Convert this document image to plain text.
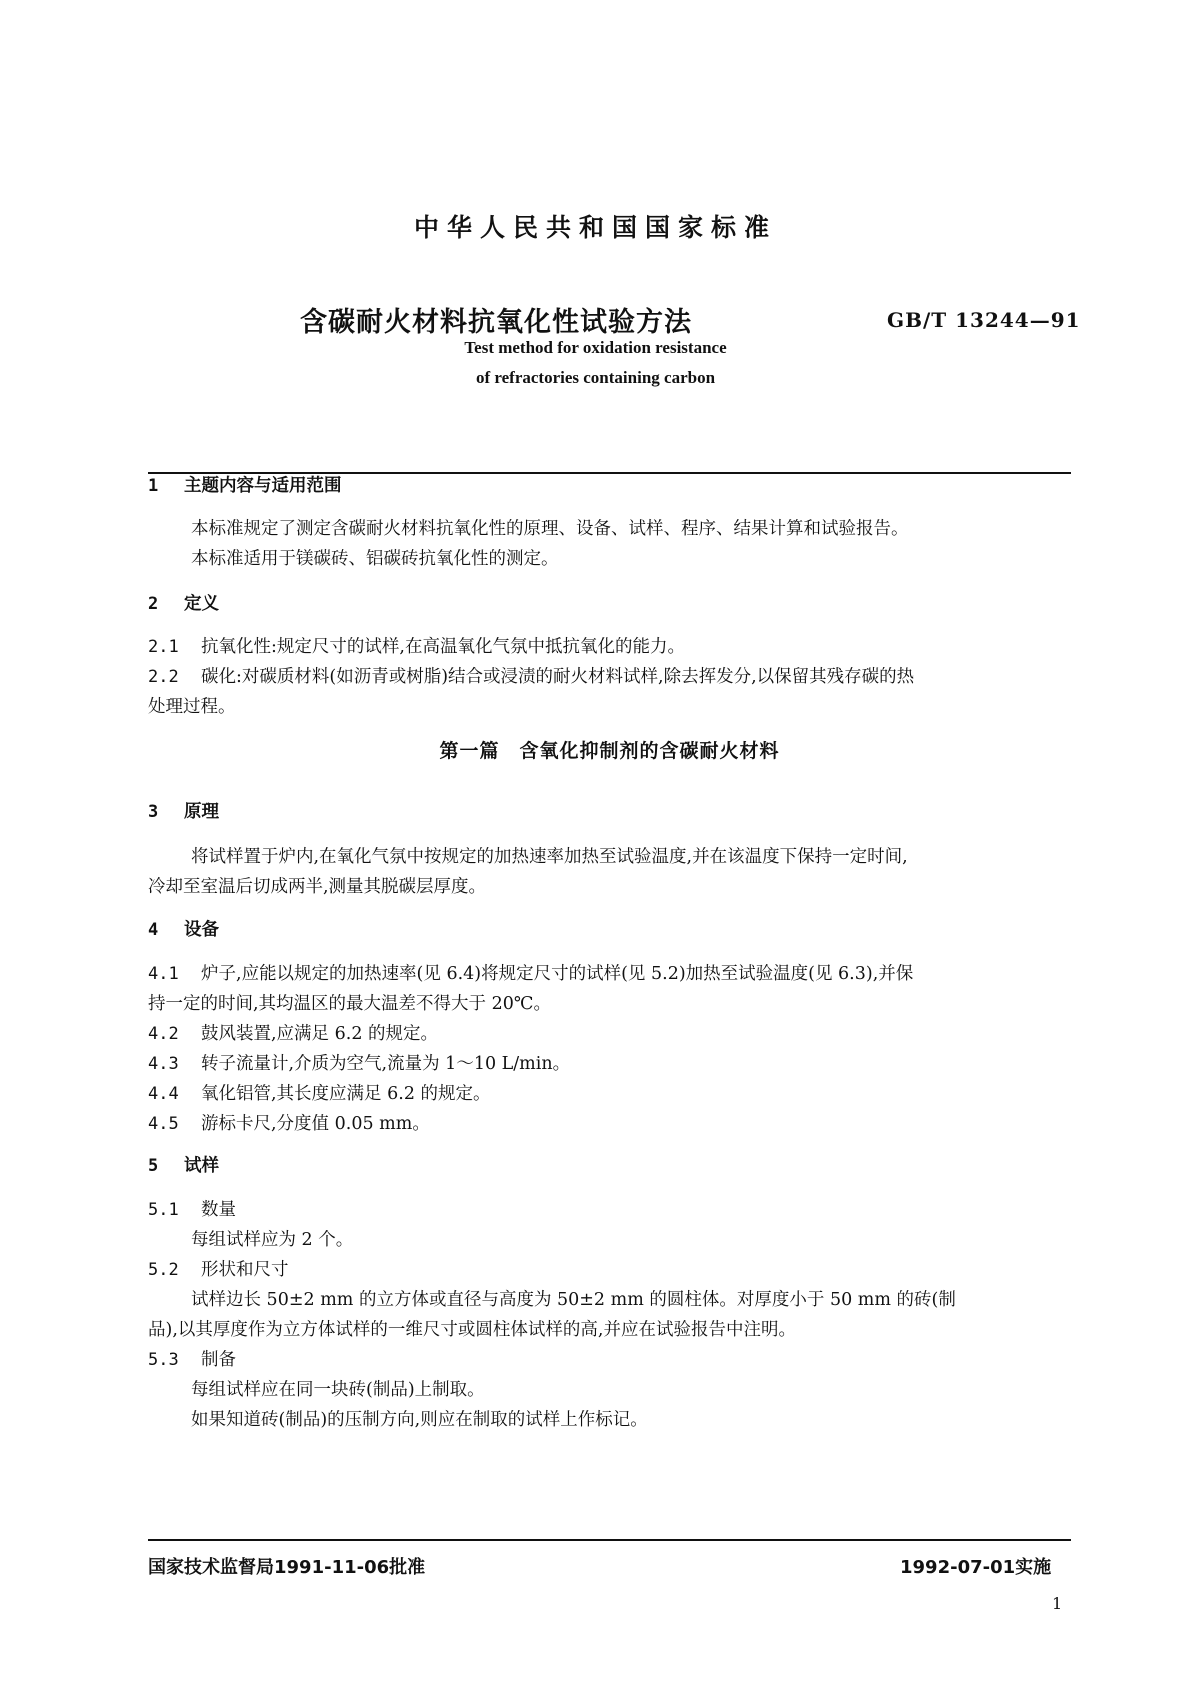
中华人民共和国国家标准
含碳耐火材料抗氧化性试验方法	GB/T 13244—91
Test method for oxidation resistance
of refractories containing carbon
1 主题内容与适用范围
本标准规定了测定含碳耐火材料抗氧化性的原理、设备、试样、程序、结果计算和试验报告。
本标准适用于镁碳砖、铝碳砖抗氧化性的测定。
2 定义
2.1 抗氧化性:规定尺寸的试样,在高温氧化气氛中抵抗氧化的能力。
2.2 碳化:对碳质材料(如沥青或树脂)结合或浸渍的耐火材料试样,除去挥发分,以保留其残存碳的热
处理过程。
第一篇　含氧化抑制剂的含碳耐火材料
3 原理
将试样置于炉内,在氧化气氛中按规定的加热速率加热至试验温度,并在该温度下保持一定时间,
冷却至室温后切成两半,测量其脱碳层厚度。
4 设备
4.1 炉子,应能以规定的加热速率(见 6.4)将规定尺寸的试样(见 5.2)加热至试验温度(见 6.3),并保
持一定的时间,其均温区的最大温差不得大于 20℃。
4.2 鼓风装置,应满足 6.2 的规定。
4.3 转子流量计,介质为空气,流量为 1～10 L/min。
4.4 氧化铝管,其长度应满足 6.2 的规定。
4.5 游标卡尺,分度值 0.05 mm。
5 试样
5.1 数量
每组试样应为 2 个。
5.2 形状和尺寸
试样边长 50±2 mm 的立方体或直径与高度为 50±2 mm 的圆柱体。对厚度小于 50 mm 的砖(制
品),以其厚度作为立方体试样的一维尺寸或圆柱体试样的高,并应在试验报告中注明。
5.3 制备
每组试样应在同一块砖(制品)上制取。
如果知道砖(制品)的压制方向,则应在制取的试样上作标记。
国家技术监督局1991-11-06批准	1992-07-01实施
1
